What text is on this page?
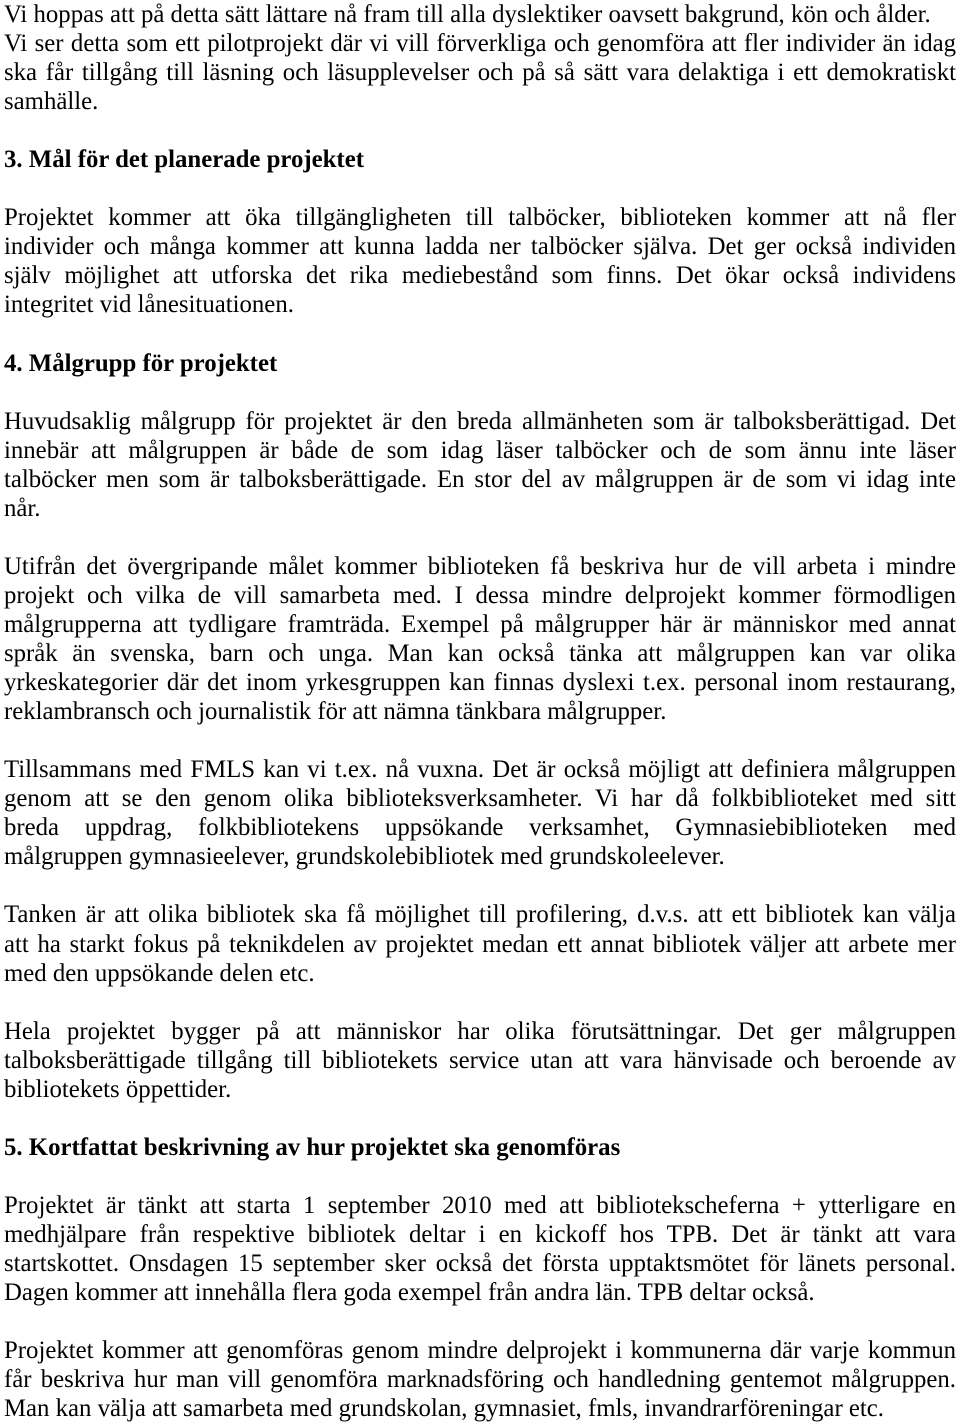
Vi hoppas att på detta sätt lättare nå fram till alla dyslektiker oavsett bakgrund, kön och ålder.
Vi ser detta som ett pilotprojekt där vi vill förverkliga och genomföra att fler individer än idag
ska får tillgång till läsning och läsupplevelser och på så sätt vara delaktiga i ett demokratiskt
samhälle.
3. Mål för det planerade projektet
Projektet kommer att öka tillgängligheten till talböcker, biblioteken kommer att nå fler
individer och många kommer att kunna ladda ner talböcker själva. Det ger också individen
själv möjlighet att utforska det rika mediebestånd som finns. Det ökar också individens
integritet vid lånesituationen.
4. Målgrupp för projektet
Huvudsaklig målgrupp för projektet är den breda allmänheten som är talboksberättigad. Det
innebär att målgruppen är både de som idag läser talböcker och de som ännu inte läser
talböcker men som är talboksberättigade. En stor del av målgruppen är de som vi idag inte
når.
Utifrån det övergripande målet kommer biblioteken få beskriva hur de vill arbeta i mindre
projekt och vilka de vill samarbeta med. I dessa mindre delprojekt kommer förmodligen
målgrupperna att tydligare framträda. Exempel på målgrupper här är människor med annat
språk än svenska, barn och unga. Man kan också tänka att målgruppen kan var olika
yrkeskategorier där det inom yrkesgruppen kan finnas dyslexi t.ex. personal inom restaurang,
reklambransch och journalistik för att nämna tänkbara målgrupper.
Tillsammans med FMLS kan vi t.ex. nå vuxna. Det är också möjligt att definiera målgruppen
genom att se den genom olika biblioteksverksamheter. Vi har då folkbiblioteket med sitt
breda uppdrag, folkbibliotekens uppsökande verksamhet, Gymnasiebiblioteken med
målgruppen gymnasieelever, grundskolebibliotek med grundskoleelever.
Tanken är att olika bibliotek ska få möjlighet till profilering, d.v.s. att ett bibliotek kan välja
att ha starkt fokus på teknikdelen av projektet medan ett annat bibliotek väljer att arbete mer
med den uppsökande delen etc.
Hela projektet bygger på att människor har olika förutsättningar. Det ger målgruppen
talboksberättigade tillgång till bibliotekets service utan att vara hänvisade och beroende av
bibliotekets öppettider.
5. Kortfattat beskrivning av hur projektet ska genomföras
Projektet är tänkt att starta 1 september 2010 med att bibliotekscheferna + ytterligare en
medhjälpare från respektive bibliotek deltar i en kickoff hos TPB. Det är tänkt att vara
startskottet. Onsdagen 15 september sker också det första upptaktsmötet för länets personal.
Dagen kommer att innehålla flera goda exempel från andra län. TPB deltar också.
Projektet kommer att genomföras genom mindre delprojekt i kommunerna där varje kommun
får beskriva hur man vill genomföra marknadsföring och handledning gentemot målgruppen.
Man kan välja att samarbeta med grundskolan, gymnasiet, fmls, invandrarföreningar etc.
